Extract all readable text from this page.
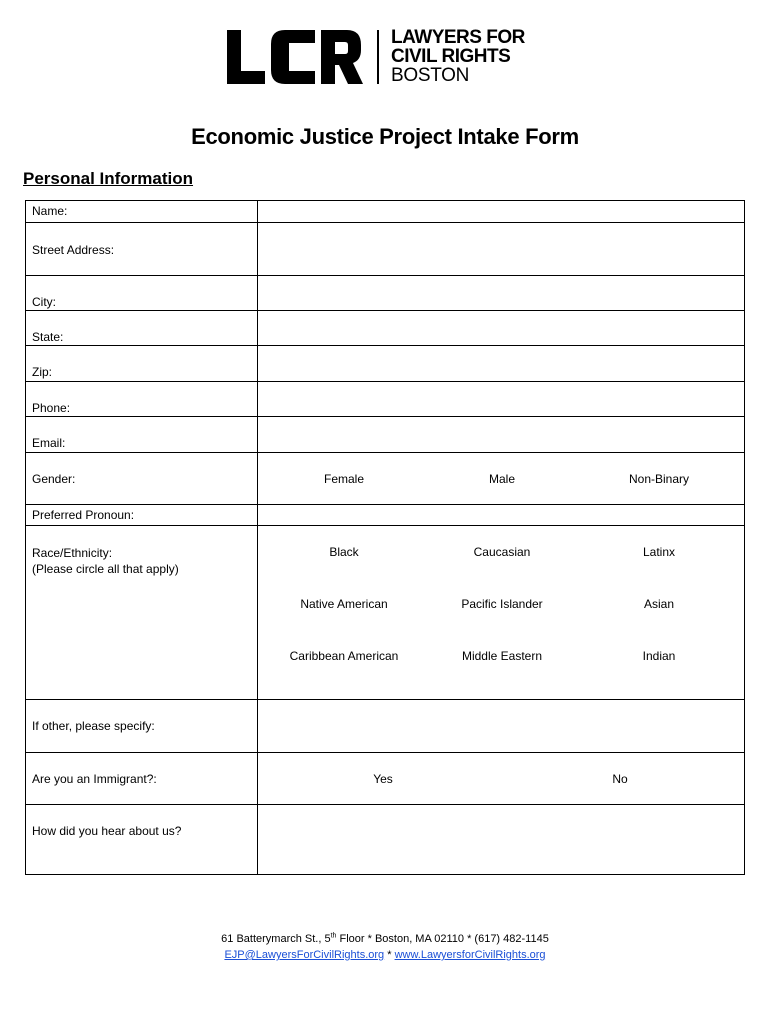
LAWYERS FOR
CIVIL RIGHTS
BOSTON
Economic Justice Project Intake Form
Personal Information
Name:
Street Address:
City:
State:
Zip:
Phone:
Email:
Gender:	Female	Male	Non-Binary
Preferred Pronoun:
Race/Ethnicity:
(Please circle all that apply)
Black	Caucasian	Latinx
Native American	Pacific Islander	Asian
Caribbean American	Middle Eastern	Indian
If other, please specify:
Are you an Immigrant?:	Yes	No
How did you hear about us?
61 Batterymarch St., 5th Floor * Boston, MA 02110 * (617) 482-1145
EJP@LawyersForCivilRights.org * www.LawyersforCivilRights.org
